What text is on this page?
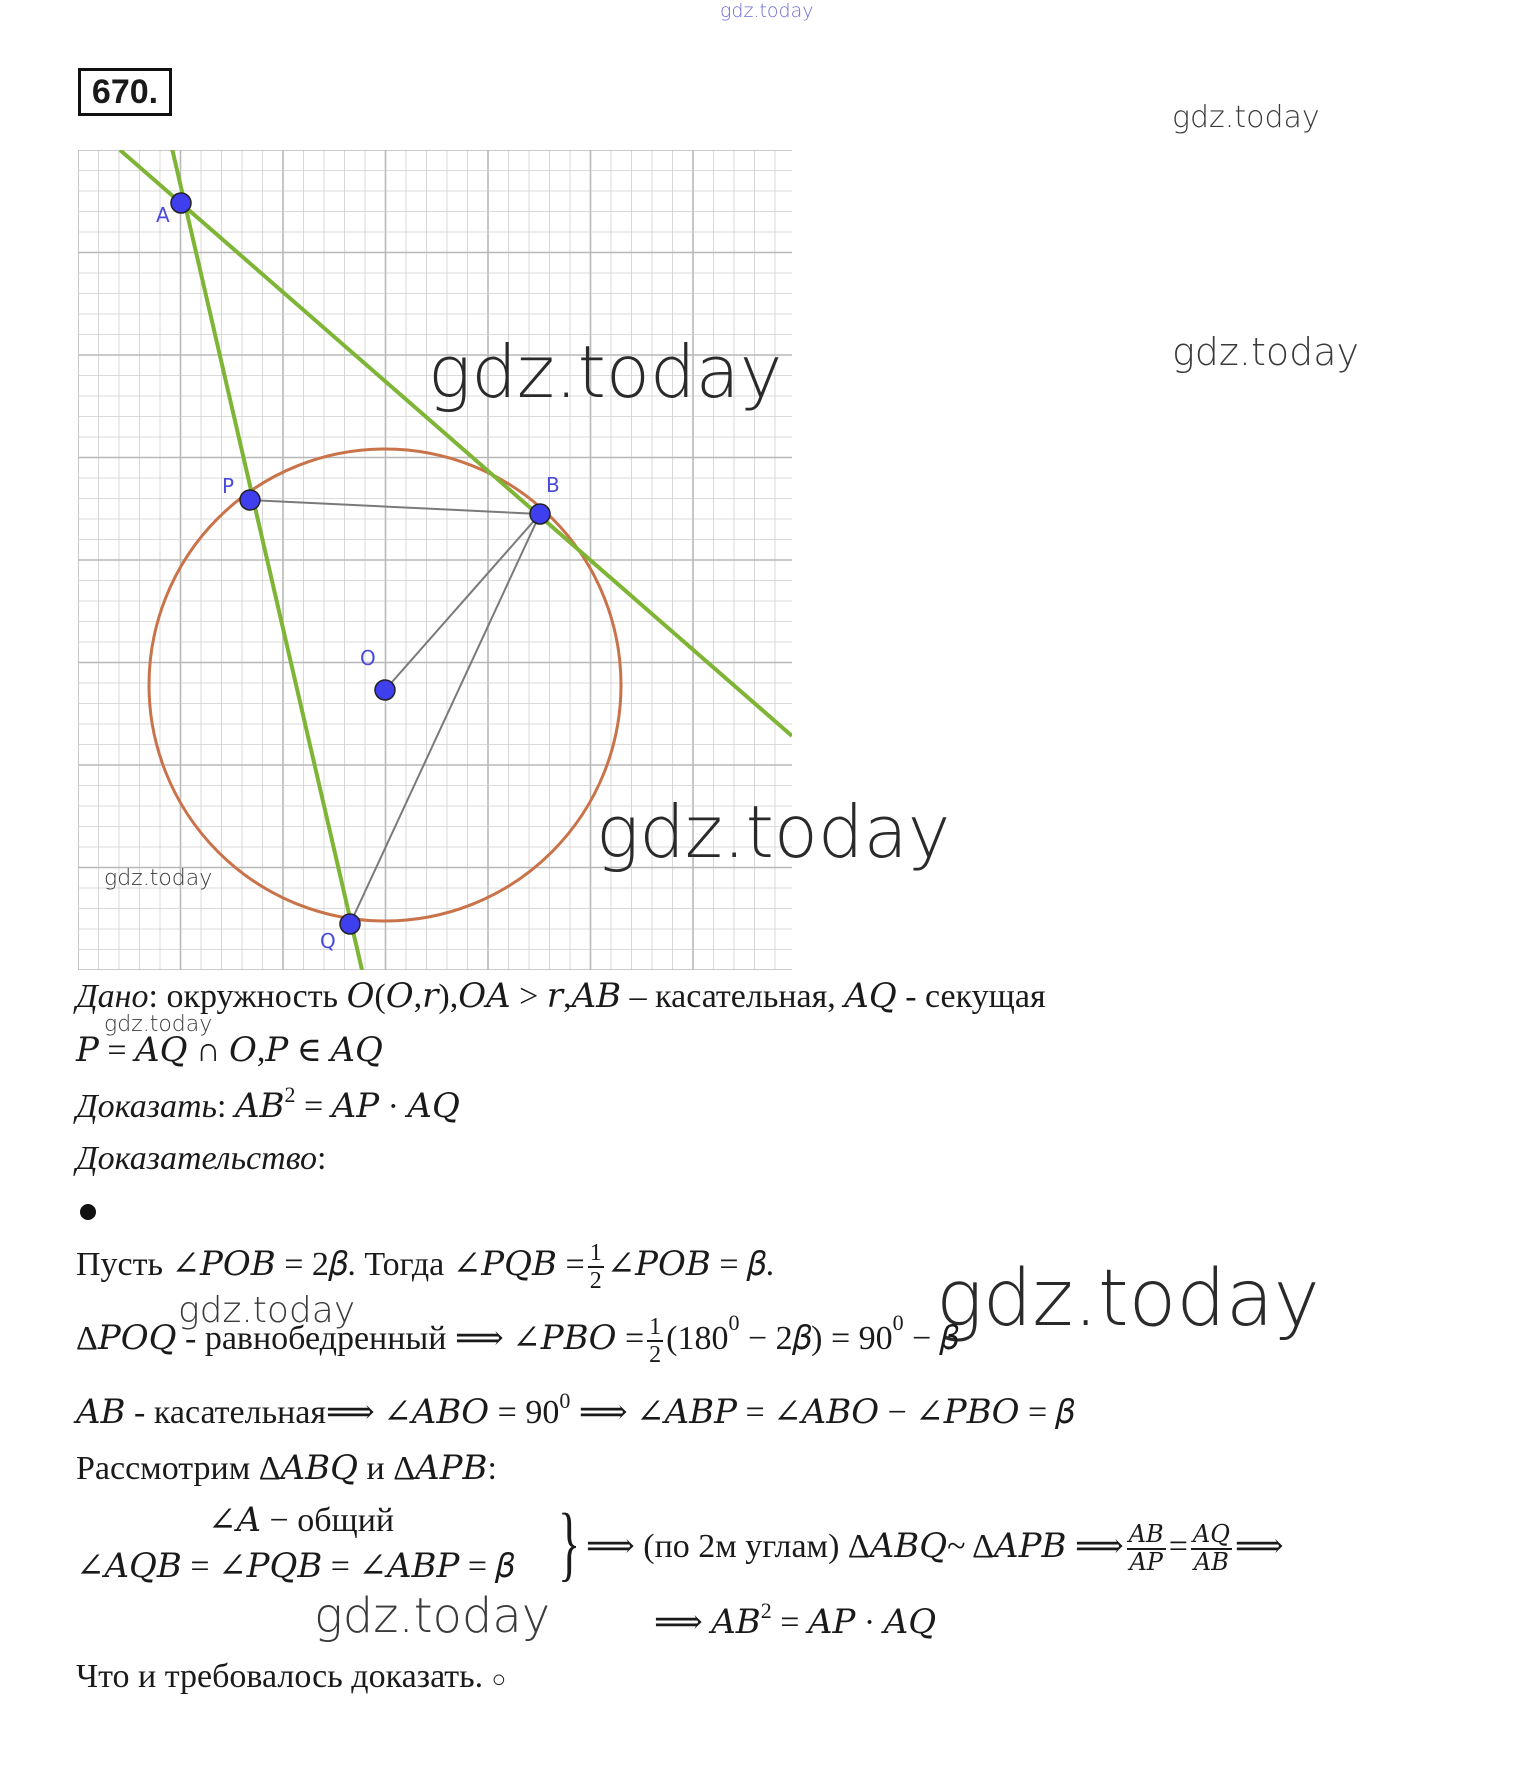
gdz.today
gdz.today
gdz.today
670.
A
P	B
O
Q
gdz.today
gdz.today
gdz.today
Дано: окружность 𝑂(𝑂,𝑟),𝑂𝐴 > 𝑟,𝐴𝐵 – касательная, 𝐴𝑄 - секущая
gdz.today
𝑃 = 𝐴𝑄 ∩ 𝑂,𝑃 ∈ 𝐴𝑄
Доказать: 𝐴𝐵$^2$ = 𝐴𝑃 · 𝐴𝑄
Доказательство:
Пусть ∠𝑃𝑂𝐵 = 2𝛽. Тогда ∠𝑃𝑄𝐵 = $\frac{1}{2}$ ∠𝑃𝑂𝐵 = 𝛽.
gdz.today	gdz.today
Δ𝑃𝑂𝑄 - равнобедренный ⟹ ∠𝑃𝐵𝑂 = $\frac{1}{2} (180^0$ − 2𝛽) = $90^0$ − 𝛽
𝐴𝐵 - касательная⟹ ∠𝐴𝐵𝑂 = $90^0$ ⟹ ∠𝐴𝐵𝑃 = ∠𝐴𝐵𝑂 − ∠𝑃𝐵𝑂 = 𝛽
Рассмотрим Δ𝐴𝐵𝑄 и Δ𝐴𝑃𝐵:
∠𝐴 − общий
∠𝐴𝑄𝐵 = ∠𝑃𝑄𝐵 = ∠𝐴𝐵𝑃 = 𝛽 } ⟹ (по 2м углам) Δ𝐴𝐵𝑄~ Δ𝐴𝑃𝐵 ⟹ $\frac{\text{𝐴𝐵}}{\text{𝐴𝑃}} = \frac{\text{𝐴𝑄}}{\text{𝐴𝐵}}$ ⟹
gdz.today	⟹ 𝐴𝐵$^2$ = 𝐴𝑃 · 𝐴𝑄
Что и требовалось доказать. ○
